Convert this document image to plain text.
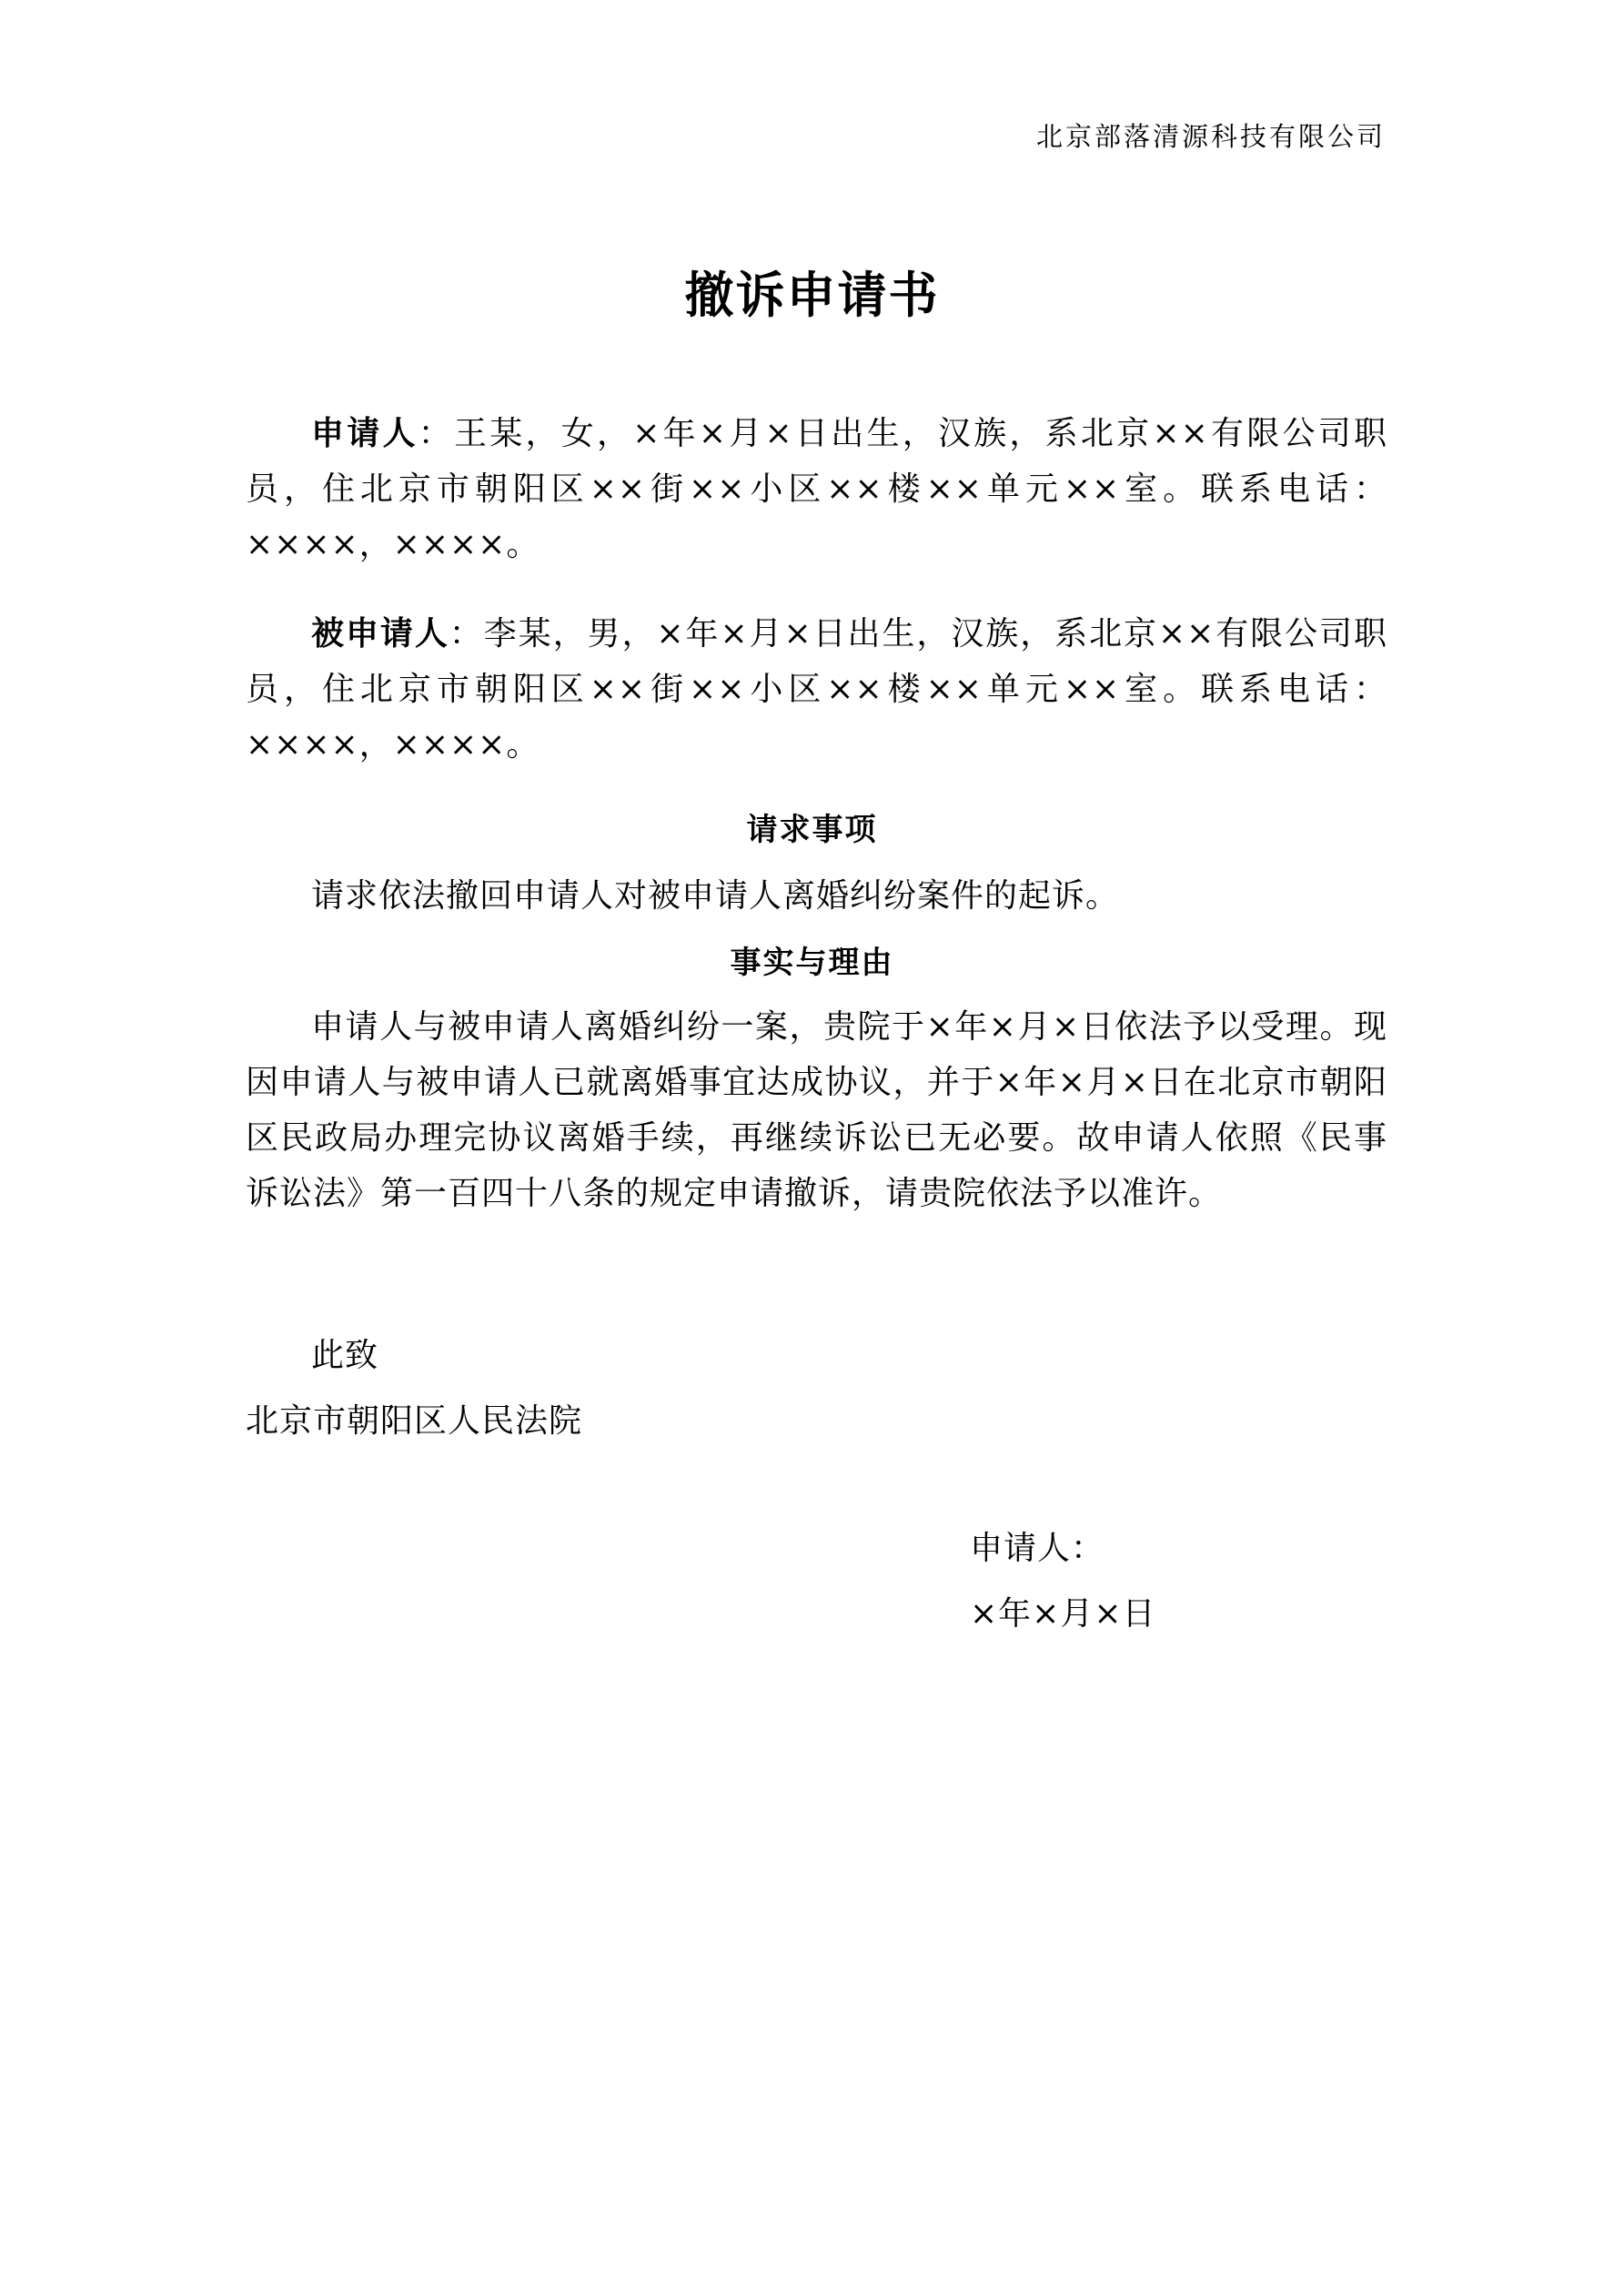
北京部落清源科技有限公司
撤诉申请书

申请人：王某，女，×年×月×日出生，汉族，系北京××有限公司职员，住北京市朝阳区××街××小区××楼××单元××室。联系电话：××××，××××。

被申请人：李某，男，×年×月×日出生，汉族，系北京××有限公司职员，住北京市朝阳区××街××小区××楼××单元××室。联系电话：××××，××××。

请求事项

请求依法撤回申请人对被申请人离婚纠纷案件的起诉。

事实与理由

申请人与被申请人离婚纠纷一案，贵院于×年×月×日依法予以受理。现因申请人与被申请人已就离婚事宜达成协议，并于×年×月×日在北京市朝阳区民政局办理完协议离婚手续，再继续诉讼已无必要。故申请人依照《民事诉讼法》第一百四十八条的规定申请撤诉，请贵院依法予以准许。

此致
北京市朝阳区人民法院
申请人：
×年×月×日
